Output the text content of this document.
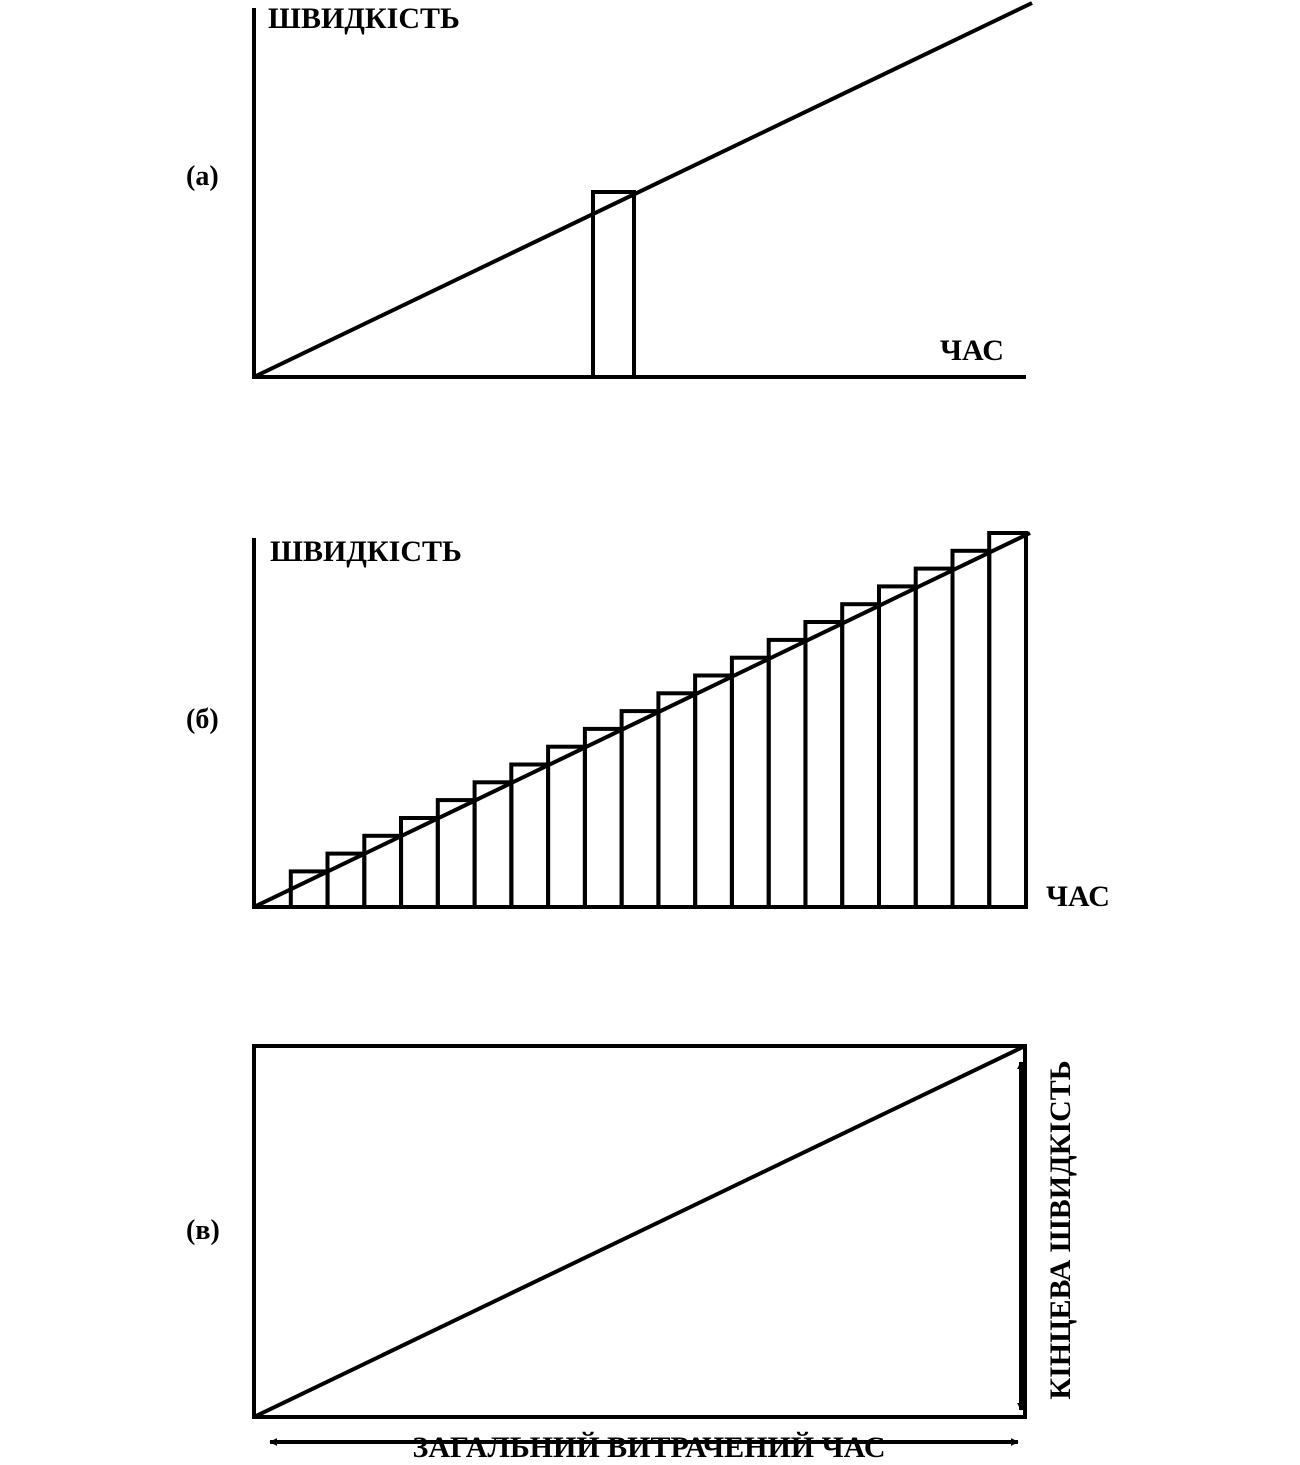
(а)
ШВИДКІСТЬ
ЧАС
(б)
ШВИДКІСТЬ
ЧАС
(в)
ЗАГАЛЬНИЙ ВИТРАЧЕНИЙ ЧАС
КІНЦЕВА ШВИДКІСТЬ
